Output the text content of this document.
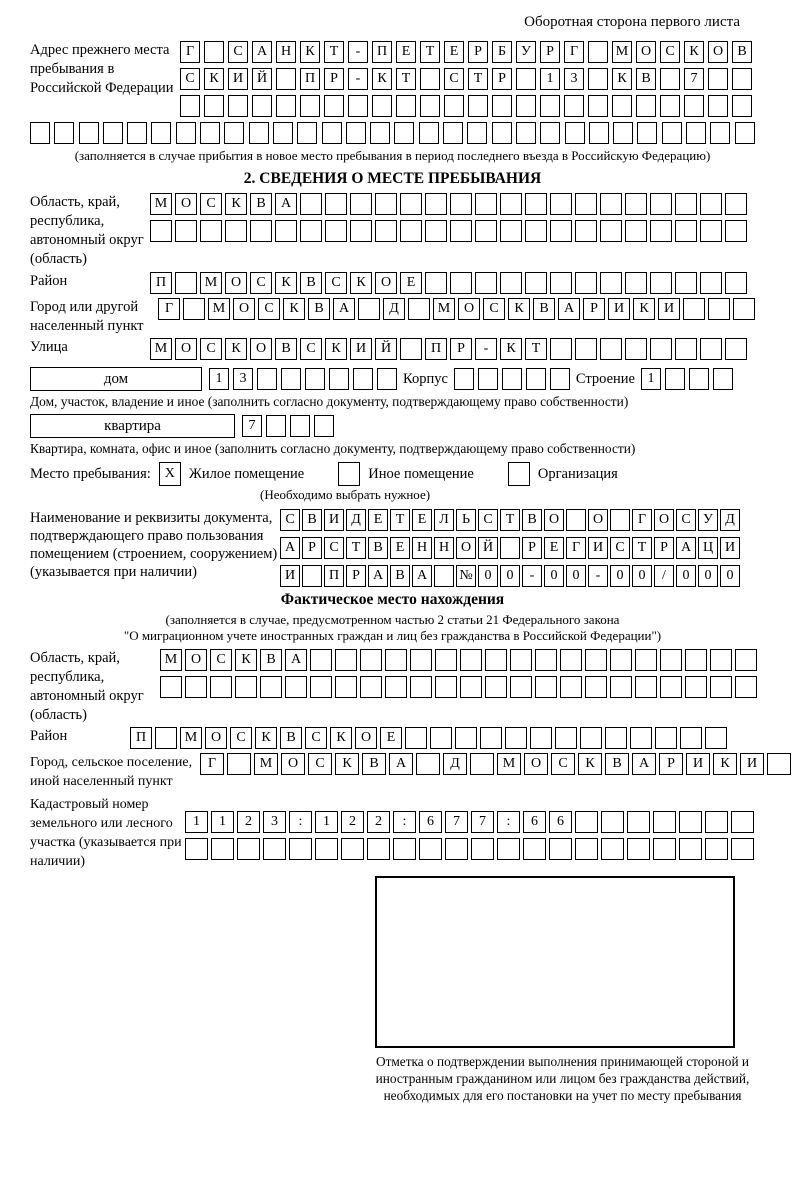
Оборотная сторона первого листа
Адрес прежнего места пребывания в Российской Федерации
Г	С	А Н	К	Т	-	П	Е	Т	Е	Р	Б	У	Р	Г	М О	С	К	О	В
С	К	И Й	П	Р	-	К	Т	С	Т	Р	1	3	К	В	7
(заполняется в случае прибытия в новое место пребывания в период последнего въезда в Российскую Федерацию)
2. СВЕДЕНИЯ О МЕСТЕ ПРЕБЫВАНИЯ
Область, край, республика, автономный округ (область)
М О	С	К	В	А
Район	П	М О	С	К	В	С	К	О	Е
Город или другой населенный пункт
Г	М О	С	К	В	А	Д	М О	С	К	В	А	Р	И	К	И
Улица	М О	С	К	О	В	С	К	И	Й	П	Р	-	К	Т
дом	1	3	Корпус	Строение 1
Дом, участок, владение и иное (заполнить согласно документу, подтверждающему право собственности)
квартира	7
Квартира, комната, офис и иное (заполнить согласно документу, подтверждающему право собственности)
Место пребывания: X Жилое помещение	Иное помещение	Организация
(Необходимо выбрать нужное)
Наименование и реквизиты документа, подтверждающего право пользования помещением (строением, сооружением) (указывается при наличии)
С В И Д Е Т Е Л Ь С Т В О	О	Г О С У Д
А Р С Т В Е Н Н О Й	Р Е Г И С Т Р А Ц И
И	П Р А В А	№ 0	0	-	0	0	-	0	0	/	0	0	0
Фактическое место нахождения
(заполняется в случае, предусмотренном частью 2 статьи 21 Федерального закона
"О миграционном учете иностранных граждан и лиц без гражданства в Российской Федерации")
Область, край, республика, автономный округ (область)
М О	С	К	В	А
Район	П	М О	С	К	В	С	К	О	Е
Город, сельское поселение, иной населенный пункт
Г	М	О	С	К	В	А	Д	М	О	С	К	В	А	Р	И	К	И
Кадастровый номер земельного или лесного участка (указывается при наличии)
1	1	2	3	:	1	2	2	:	6	7	7	:	6	6
Отметка о подтверждении выполнения принимающей стороной и иностранным гражданином или лицом без гражданства действий, необходимых для его постановки на учет по месту пребывания
